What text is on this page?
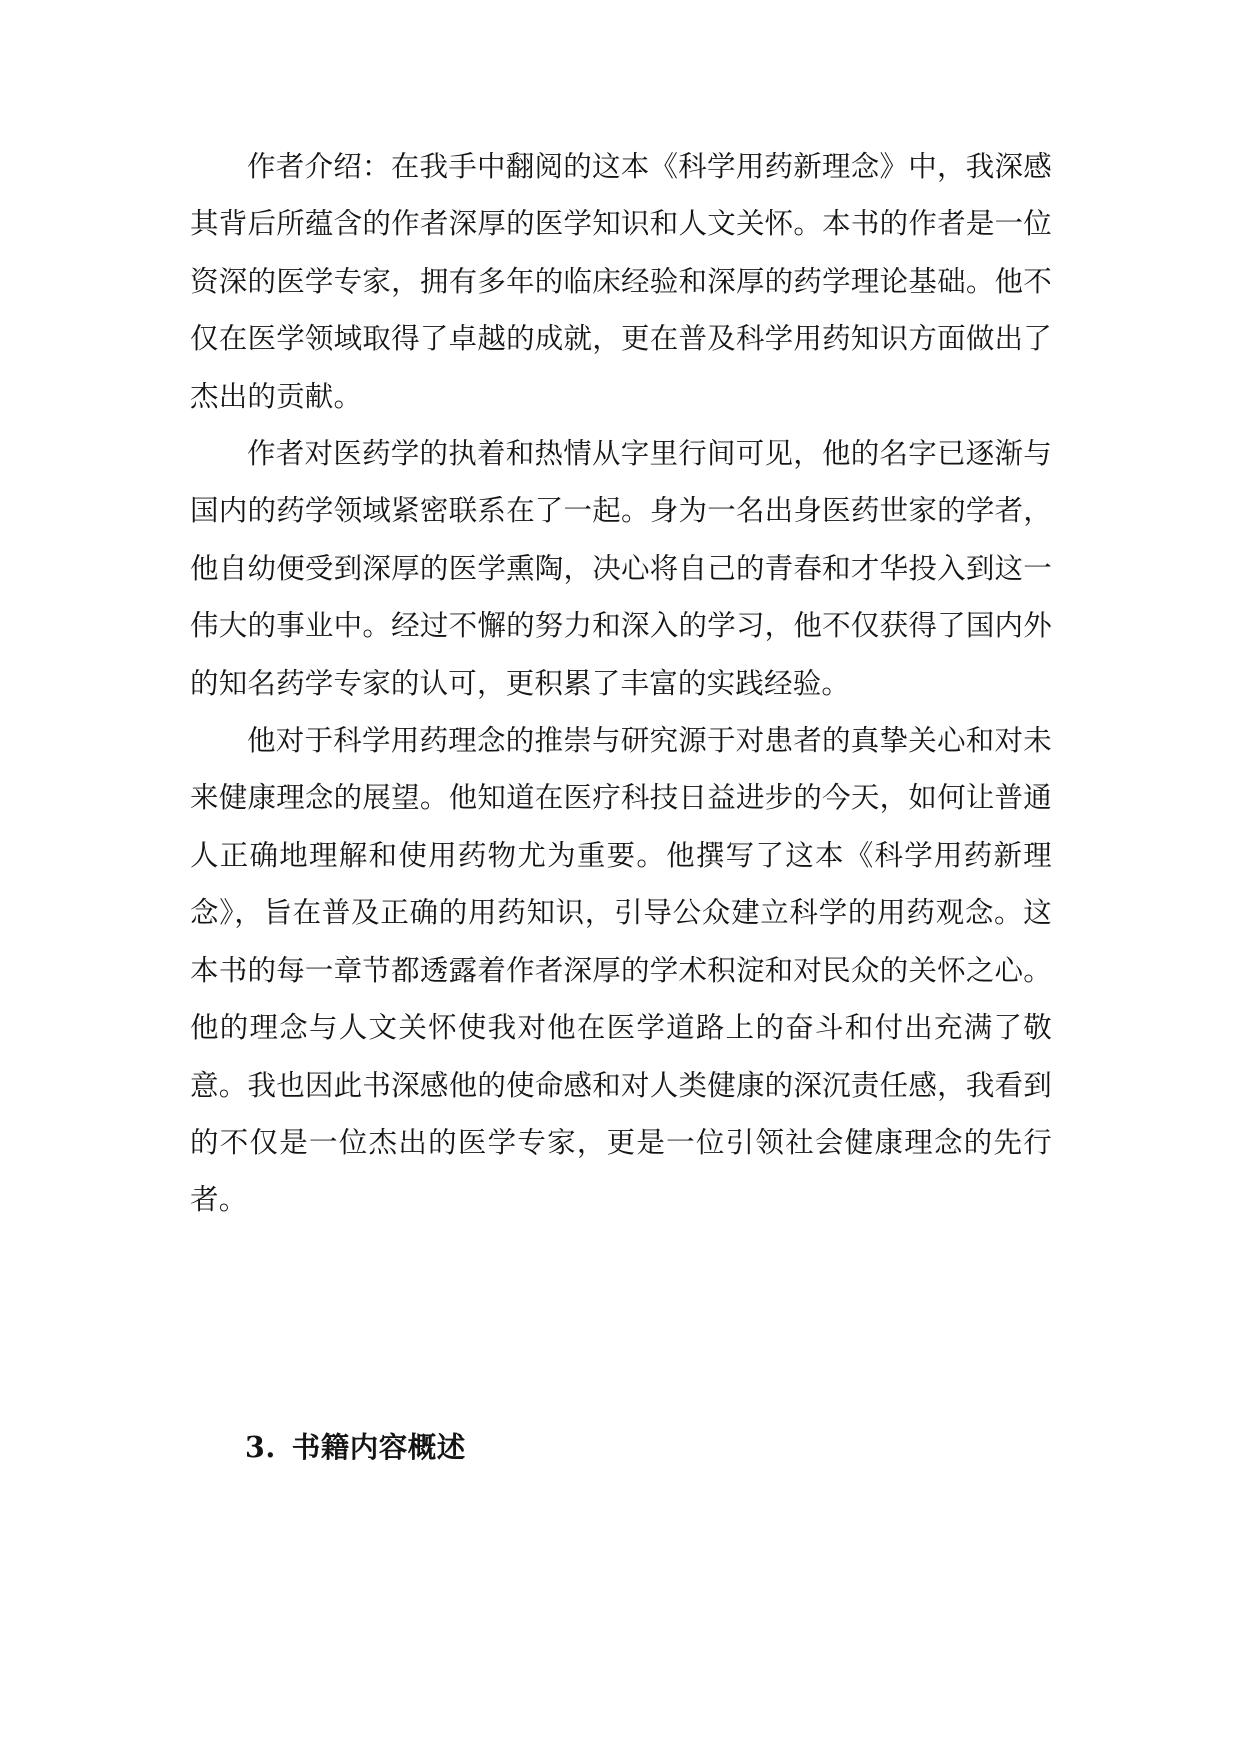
作者介绍：在我手中翻阅的这本《科学用药新理念》中，我深感其背后所蕴含的作者深厚的医学知识和人文关怀。本书的作者是一位资深的医学专家，拥有多年的临床经验和深厚的药学理论基础。他不仅在医学领域取得了卓越的成就，更在普及科学用药知识方面做出了杰出的贡献。

作者对医药学的执着和热情从字里行间可见，他的名字已逐渐与国内的药学领域紧密联系在了一起。身为一名出身医药世家的学者，他自幼便受到深厚的医学熏陶，决心将自己的青春和才华投入到这一伟大的事业中。经过不懈的努力和深入的学习，他不仅获得了国内外的知名药学专家的认可，更积累了丰富的实践经验。

他对于科学用药理念的推崇与研究源于对患者的真挚关心和对未来健康理念的展望。他知道在医疗科技日益进步的今天，如何让普通人正确地理解和使用药物尤为重要。他撰写了这本《科学用药新理念》，旨在普及正确的用药知识，引导公众建立科学的用药观念。这本书的每一章节都透露着作者深厚的学术积淀和对民众的关怀之心。他的理念与人文关怀使我对他在医学道路上的奋斗和付出充满了敬意。我也因此书深感他的使命感和对人类健康的深沉责任感，我看到的不仅是一位杰出的医学专家，更是一位引领社会健康理念的先行者。

3. 书籍内容概述
